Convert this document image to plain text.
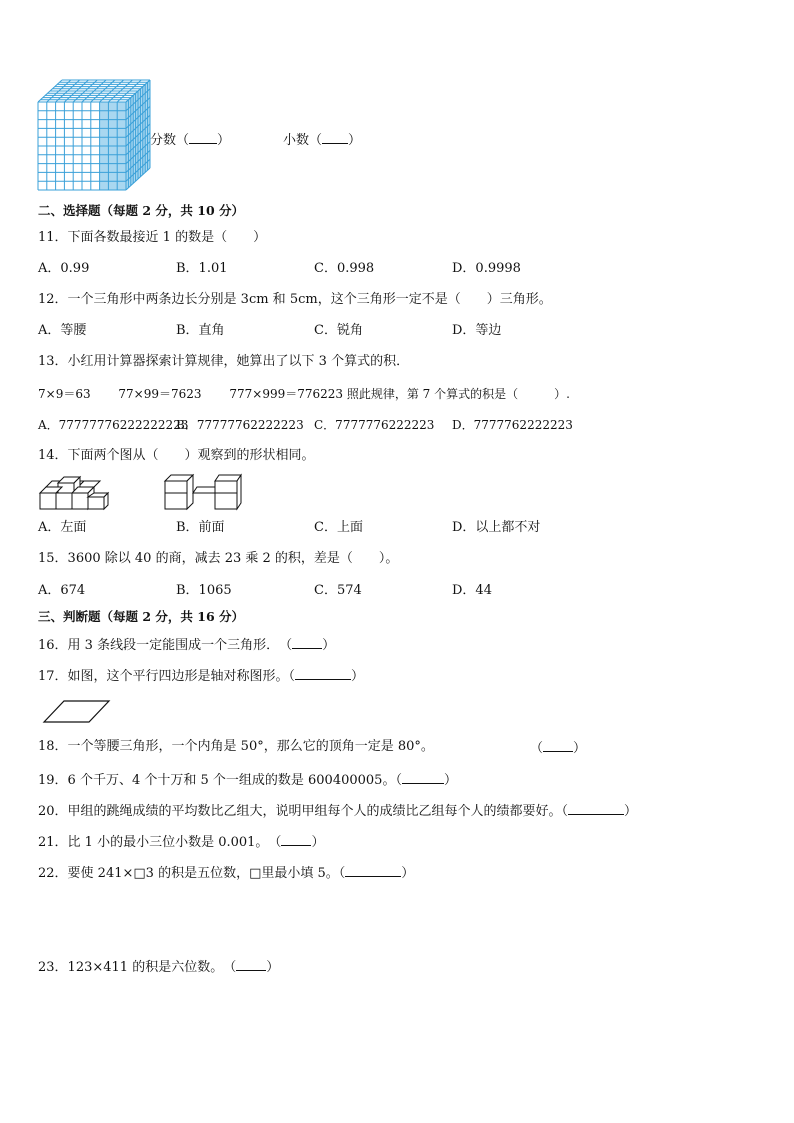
分数（ ）	小数（ ）
二、选择题（每题 2 分，共 10 分）
11．下面各数最接近 1 的数是（　　）
A．0.99	B．1.01	C．0.998	D．0.9998
12．一个三角形中两条边长分别是 3cm 和 5cm，这个三角形一定不是（　　）三角形。
A．等腰	B．直角	C．锐角	D．等边
13．小红用计算器探索计算规律，她算出了以下 3 个算式的积．
7×9＝63　　 77×99＝7623　　 777×999＝776223 照此规律，第 7 个算式的积是（　　　）.
A．77777776222222223
B．77777762222223 C．7777776222223 D．7777762222223
14．下面两个图从（　　）观察到的形状相同。
A．左面	B．前面	C．上面	D．以上都不对
15．3600 除以 40 的商，减去 23 乘 2 的积，差是（　　）。
A．674	B．1065	C．574	D．44
三、判断题（每题 2 分，共 16 分）
16．用 3 条线段一定能围成一个三角形．　（ ）
17．如图，这个平行四边形是轴对称图形。（	）
18．一个等腰三角形，一个内角是 50°，那么它的顶角一定是 80°。	（ ）
19．6 个千万、4 个十万和 5 个一组成的数是 600400005。（	）
20．甲组的跳绳成绩的平均数比乙组大，说明甲组每个人的成绩比乙组每个人的绩都要好。（	）
21．比 1 小的最小三位小数是 0.001。　（ ）
22．要使 241×□3 的积是五位数，□里最小填 5。（	）
23．123×411 的积是六位数。　（ ）
